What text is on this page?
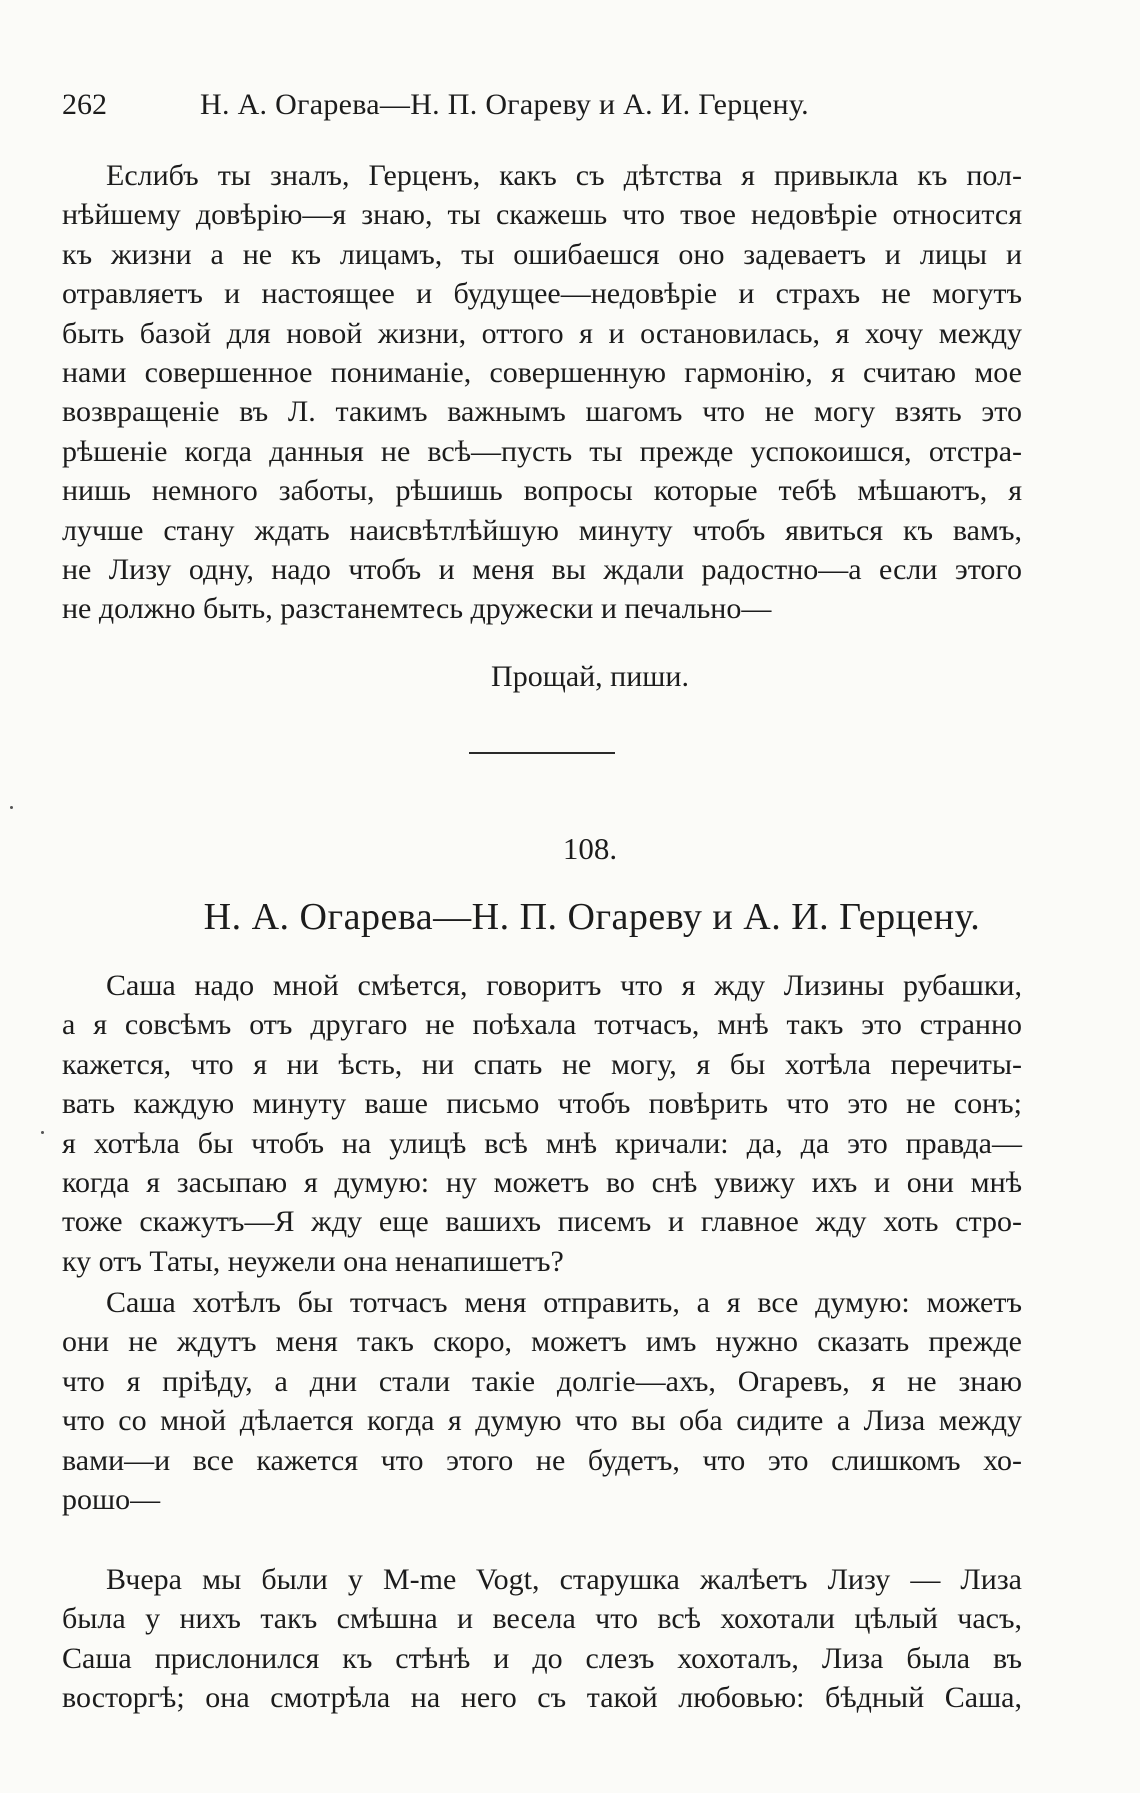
262	Н. А. Огарева—Н. П. Огареву и А. И. Герцену.
Еслибъ ты зналъ, Герценъ, какъ съ дѣтства я привыкла къ пол-
нѣйшему довѣрію—я знаю, ты скажешь что твое недовѣріе относится
къ жизни а не къ лицамъ, ты ошибаешся оно задеваетъ и лицы и
отравляетъ и настоящее и будущее—недовѣріе и страхъ не могутъ
быть базой для новой жизни, оттого я и остановилась, я хочу между
нами совершенное пониманіе, совершенную гармонію, я считаю мое
возвращеніе въ Л. такимъ важнымъ шагомъ что не могу взять это
рѣшеніе когда данныя не всѣ—пусть ты прежде успокоишся, отстра-
нишь немного заботы, рѣшишь вопросы которые тебѣ мѣшаютъ, я
лучше стану ждать наисвѣтлѣйшую минуту чтобъ явиться къ вамъ,
не Лизу одну, надо чтобъ и меня вы ждали радостно—а если этого
не должно быть, разстанемтесь дружески и печально—
Прощай, пиши.
108.
Н. А. Огарева—Н. П. Огареву и А. И. Герцену.
Саша надо мной смѣется, говоритъ что я жду Лизины рубашки,
а я совсѣмъ отъ другаго не поѣхала тотчасъ, мнѣ такъ это странно
кажется, что я ни ѣсть, ни спать не могу, я бы хотѣла перечиты-
вать каждую минуту ваше письмо чтобъ повѣрить что это не сонъ;
я хотѣла бы чтобъ на улицѣ всѣ мнѣ кричали: да, да это правда—
когда я засыпаю я думую: ну можетъ во снѣ увижу ихъ и они мнѣ
тоже скажутъ—Я жду еще вашихъ писемъ и главное жду хоть стро-
ку отъ Таты, неужели она ненапишетъ?
Саша хотѣлъ бы тотчасъ меня отправить, а я все думую: можетъ
они не ждутъ меня такъ скоро, можетъ имъ нужно сказать прежде
что я пріѣду, а дни стали такіе долгіе—ахъ, Огаревъ, я не знаю
что со мной дѣлается когда я думую что вы оба сидите а Лиза между
вами—и все кажется что этого не будетъ, что это слишкомъ хо-
рошо—
Вчера мы были у M-me Vogt, старушка жалѣетъ Лизу — Лиза
была у нихъ такъ смѣшна и весела что всѣ хохотали цѣлый часъ,
Саша прислонился къ стѣнѣ и до слезъ хохоталъ, Лиза была въ
восторгѣ; она смотрѣла на него съ такой любовью: бѣдный Саша,
